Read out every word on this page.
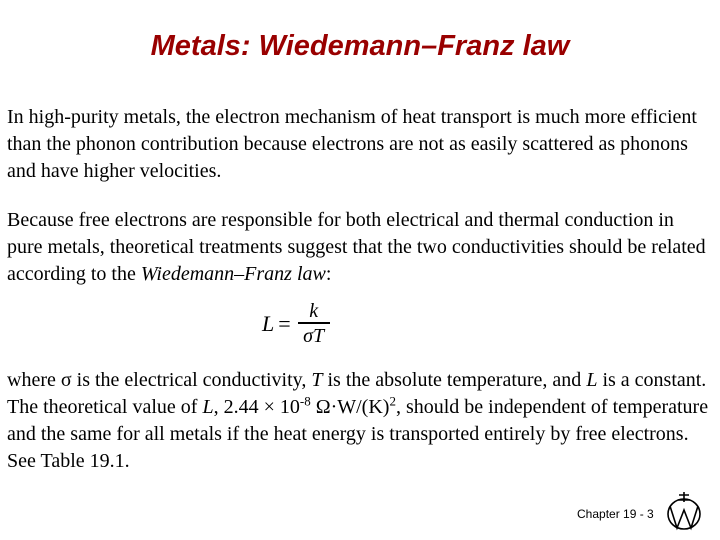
Metals: Wiedemann–Franz law

In high-purity metals, the electron mechanism of heat transport is much more efficient than the phonon contribution because electrons are not as easily scattered as phonons and have higher velocities.

Because free electrons are responsible for both electrical and thermal conduction in pure metals, theoretical treatments suggest that the two conductivities should be related according to the Wiedemann–Franz law:

$L = \frac{k}{\sigma T}$

where σ is the electrical conductivity, T is the absolute temperature, and L is a constant. The theoretical value of L, $2.44 \times 10^{-8}$ $\Omega\cdot W/(K)^2$, should be independent of temperature and the same for all metals if the heat energy is transported entirely by free electrons. See Table 19.1.

Chapter 19 - 3
